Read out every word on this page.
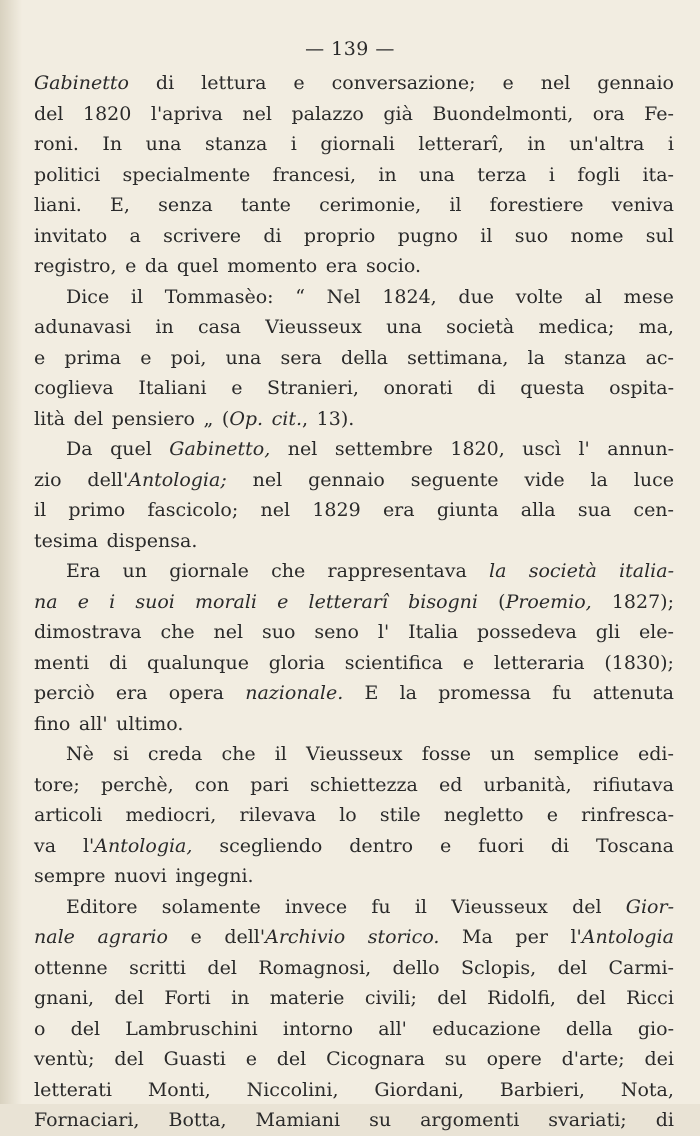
— 139 —
Gabinetto di lettura e conversazione; e nel gennaio
del 1820 l'apriva nel palazzo già Buondelmonti, ora Fe-
roni. In una stanza i giornali letterarî, in un'altra i
politici specialmente francesi, in una terza i fogli ita-
liani. E, senza tante cerimonie, il forestiere veniva
invitato a scrivere di proprio pugno il suo nome sul
registro, e da quel momento era socio.
Dice il Tommasèo: “ Nel 1824, due volte al mese
adunavasi in casa Vieusseux una società medica; ma,
e prima e poi, una sera della settimana, la stanza ac-
coglieva Italiani e Stranieri, onorati di questa ospita-
lità del pensiero „ (Op. cit., 13).
Da quel Gabinetto, nel settembre 1820, uscì l' annun-
zio dell'Antologia; nel gennaio seguente vide la luce
il primo fascicolo; nel 1829 era giunta alla sua cen-
tesima dispensa.
Era un giornale che rappresentava la società italia-
na e i suoi morali e letterarî bisogni (Proemio, 1827);
dimostrava che nel suo seno l' Italia possedeva gli ele-
menti di qualunque gloria scientifica e letteraria (1830);
perciò era opera nazionale. E la promessa fu attenuta
fino all' ultimo.
Nè si creda che il Vieusseux fosse un semplice edi-
tore; perchè, con pari schiettezza ed urbanità, rifiutava
articoli mediocri, rilevava lo stile negletto e rinfresca-
va l'Antologia, scegliendo dentro e fuori di Toscana
sempre nuovi ingegni.
Editore solamente invece fu il Vieusseux del Gior-
nale agrario e dell'Archivio storico. Ma per l'Antologia
ottenne scritti del Romagnosi, dello Sclopis, del Carmi-
gnani, del Forti in materie civili; del Ridolfi, del Ricci
o del Lambruschini intorno all' educazione della gio-
ventù; del Guasti e del Cicognara su opere d'arte; dei
letterati Monti, Niccolini, Giordani, Barbieri, Nota,
Fornaciari, Botta, Mamiani su argomenti svariati; di
